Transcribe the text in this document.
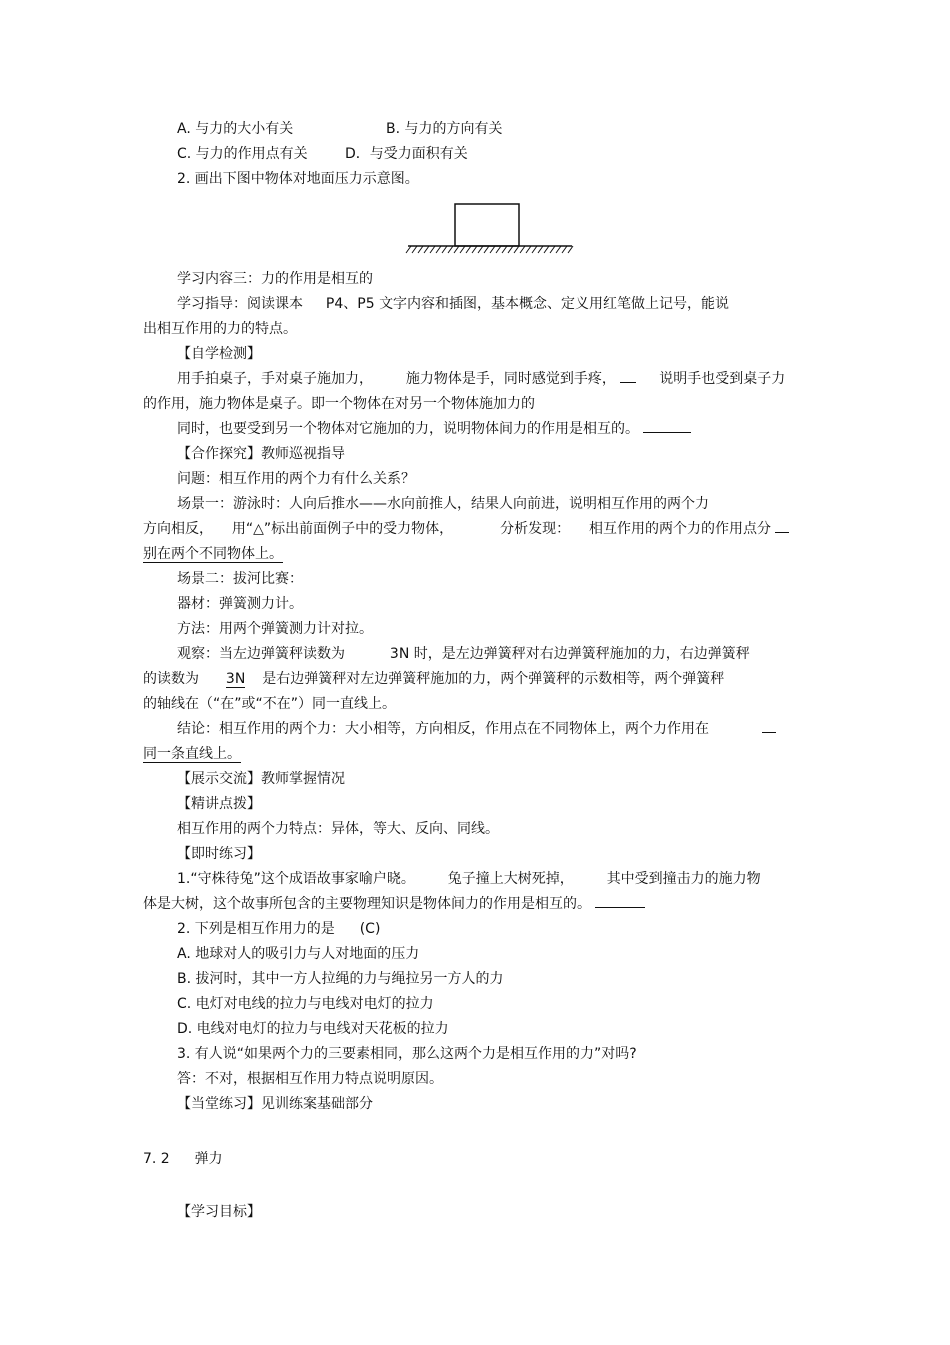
A. 与力的大小有关	B. 与力的方向有关
C. 与力的作用点有关	D．与受力面积有关
2. 画出下图中物体对地面压力示意图。
学习内容三：力的作用是相互的
学习指导：阅读课本 P4、P5 文字内容和插图，基本概念、定义用红笔做上记号，能说
出相互作用的力的特点。
【自学检测】
用手拍桌子，手对桌子施加力， 施力物体是手，同时感觉到手疼，	说明手也受到桌子力
的作用，施力物体是桌子。即一个物体在对另一个物体施加力的
同时，也要受到另一个物体对它施加的力，说明物体间力的作用是相互的。
【合作探究】教师巡视指导
问题：相互作用的两个力有什么关系？
场景一：游泳时：人向后推水——水向前推人，结果人向前进，说明相互作用的两个力
方向相反， 用“△”标出前面例子中的受力物体，	分析发现： 相互作用的两个力的作用点分
别在两个不同物体上。
场景二：拔河比赛：
器材：弹簧测力计。
方法：用两个弹簧测力计对拉。
观察：当左边弹簧秤读数为	3N 时，是左边弹簧秤对右边弹簧秤施加的力，右边弹簧秤
的读数为 3N 是右边弹簧秤对左边弹簧秤施加的力，两个弹簧秤的示数相等，两个弹簧秤
的轴线在（“在”或“不在”）同一直线上。
结论：相互作用的两个力：大小相等，方向相反，作用点在不同物体上，两个力作用在
同一条直线上。
【展示交流】教师掌握情况
【精讲点拨】
相互作用的两个力特点：异体，等大、反向、同线。
【即时练习】
1.“守株待兔”这个成语故事家喻户晓。 兔子撞上大树死掉， 其中受到撞击力的施力物
体是大树，这个故事所包含的主要物理知识是物体间力的作用是相互的。
2. 下列是相互作用力的是 (C)
A. 地球对人的吸引力与人对地面的压力
B. 拔河时，其中一方人拉绳的力与绳拉另一方人的力
C. 电灯对电线的拉力与电线对电灯的拉力
D. 电线对电灯的拉力与电线对天花板的拉力
3. 有人说“如果两个力的三要素相同，那么这两个力是相互作用的力”对吗?
答：不对，根据相互作用力特点说明原因。
【当堂练习】见训练案基础部分
7. 2 弹力
【学习目标】
